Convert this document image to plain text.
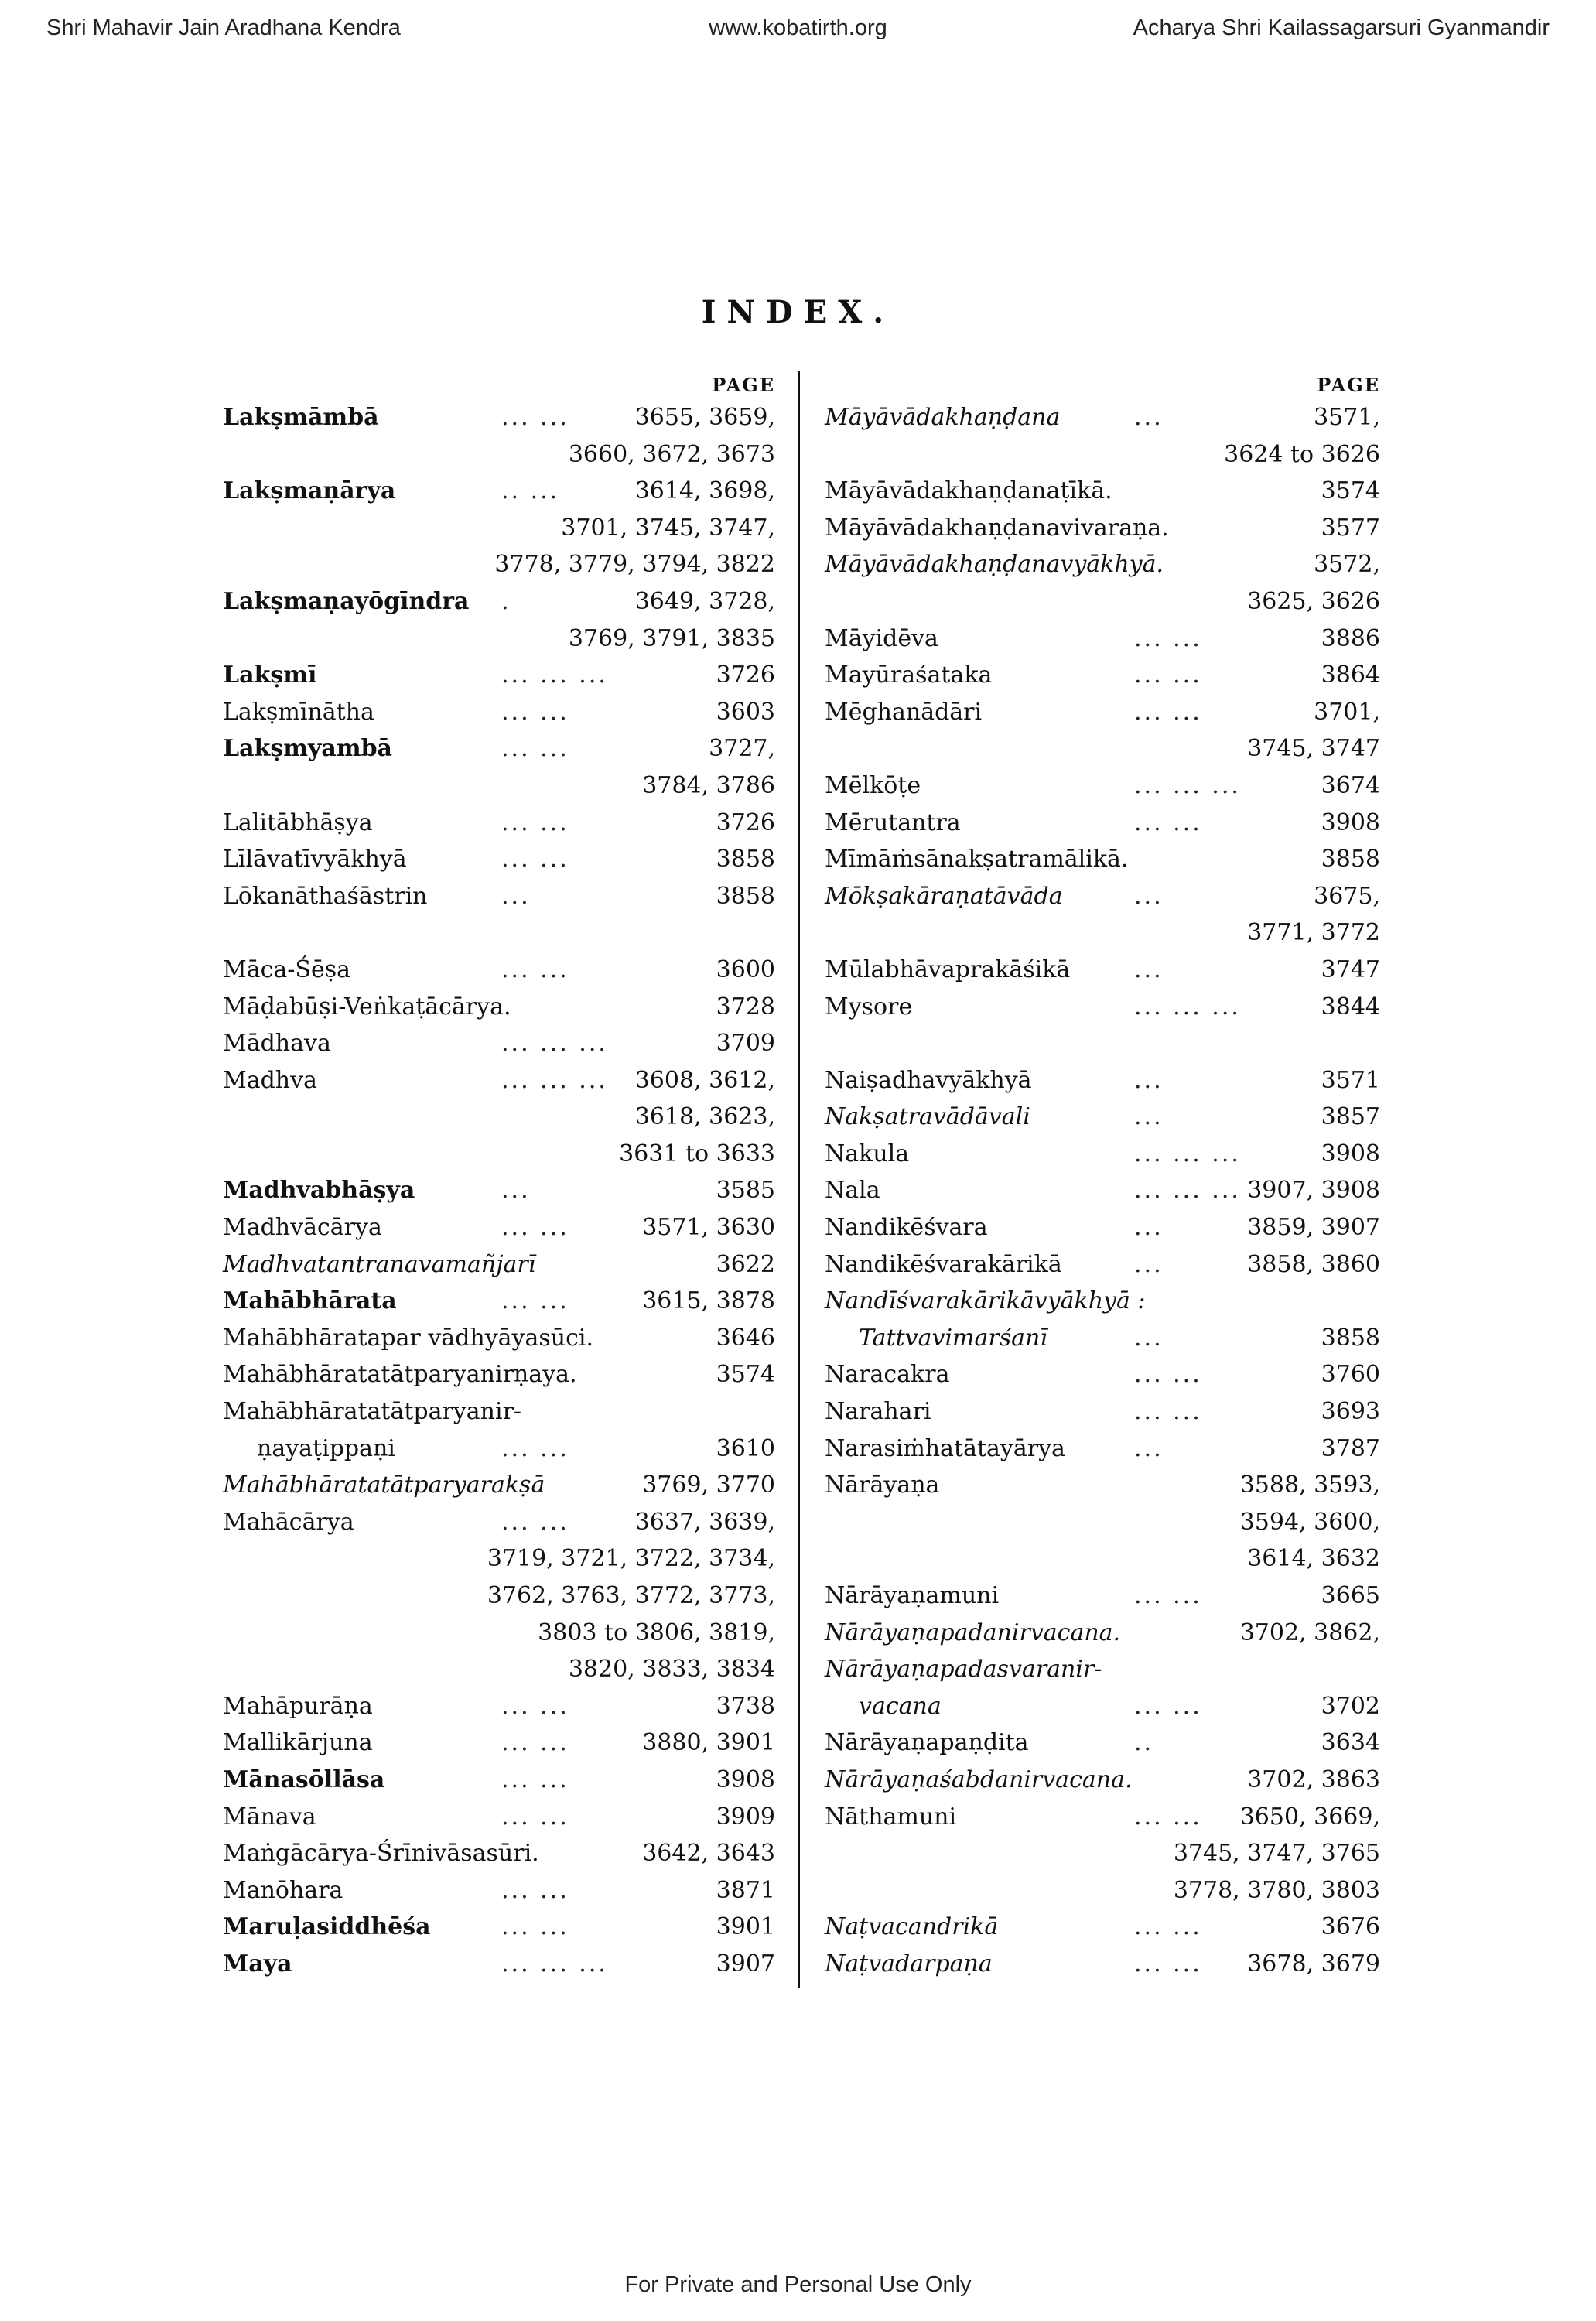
Shri Mahavir Jain Aradhana Kendra	www.kobatirth.org	Acharya Shri Kailassagarsuri Gyanmandir
INDEX.
PAGE
Lakṣmāmbā	... ...	3655, 3659,
3660, 3672, 3673
Lakṣmaṇārya	.. ...	3614, 3698,
3701, 3745, 3747,
3778, 3779, 3794, 3822
Lakṣmaṇayōgīndra .	3649, 3728,
3769, 3791, 3835
Lakṣmī	... ... ...	3726
Lakṣmīnātha	... ...	3603
Lakṣmyambā	... ...	3727,
3784, 3786
Lalitābhāṣya	... ...	3726
Līlāvatīvyākhyā	... ...	3858
Lōkanāthaśāstrin	...	3858
Māca-Śēṣa	... ...	3600
Māḍabūṣi-Veṅkaṭācārya.	3728
Mādhava	... ... ...	3709
Madhva	... ... ... 3608, 3612,
3618, 3623,
3631 to 3633
Madhvabhāṣya	...	3585
Madhvācārya	... ...	3571, 3630
Madhvatantranavamañjarī	3622
Mahābhārata	... ...	3615, 3878
Mahābhāratapar vādhyāyasūci.	3646
Mahābhāratatātparyanirṇaya.	3574
Mahābhāratatātparyanir-
ṇayaṭippaṇi	... ...	3610
Mahābhāratatātparyarakṣā	3769, 3770
Mahācārya	... ...	3637, 3639,
3719, 3721, 3722, 3734,
3762, 3763, 3772, 3773,
3803 to 3806, 3819,
3820, 3833, 3834
Mahāpurāṇa	... ...	3738
Mallikārjuna	... ...	3880, 3901
Mānasōllāsa	... ...	3908
Mānava	... ...	3909
Maṅgācārya-Śrīnivāsasūri.	3642, 3643
Manōhara	... ...	3871
Maruḷasiddhēśa	... ...	3901
Maya	... ... ...	3907
PAGE
Māyāvādakhaṇḍana	...	3571,
3624 to 3626
Māyāvādakhaṇḍanaṭīkā.	3574
Māyāvādakhaṇḍanavivaraṇa.	3577
Māyāvādakhaṇḍanavyākhyā.	3572,
3625, 3626
Māyidēva	... ...	3886
Mayūraśataka	... ...	3864
Mēghanādāri	... ...	3701,
3745, 3747
Mēlkōṭe	... ... ...	3674
Mērutantra	... ...	3908
Mīmāṁsānakṣatramālikā.	3858
Mōkṣakāraṇatāvāda	...	3675,
3771, 3772
Mūlabhāvaprakāśikā	...	3747
Mysore	... ... ...	3844
Naiṣadhavyākhyā	...	3571
Nakṣatravādāvali	...	3857
Nakula	... ... ...	3908
Nala	... ... ... 3907, 3908
Nandikēśvara	...	3859, 3907
Nandikēśvarakārikā	...	3858, 3860
Nandīśvarakārikāvyākhyā :
Tattvavimarśanī	...	3858
Naracakra	... ...	3760
Narahari	... ...	3693
Narasiṁhatātayārya	...	3787
Nārāyaṇa	3588, 3593,
3594, 3600,
3614, 3632
Nārāyaṇamuni	... ...	3665
Nārāyaṇapadanirvacana.	3702, 3862,
Nārāyaṇapadasvaranir-
vacana	... ...	3702
Nārāyaṇapaṇḍita	..	3634
Nārāyaṇaśabdanirvacana.	3702, 3863
Nāthamuni	... ... 3650, 3669,
3745, 3747, 3765
3778, 3780, 3803
Naṭvacandrikā	... ...	3676
Naṭvadarpaṇa	... ... 3678, 3679
For Private and Personal Use Only
